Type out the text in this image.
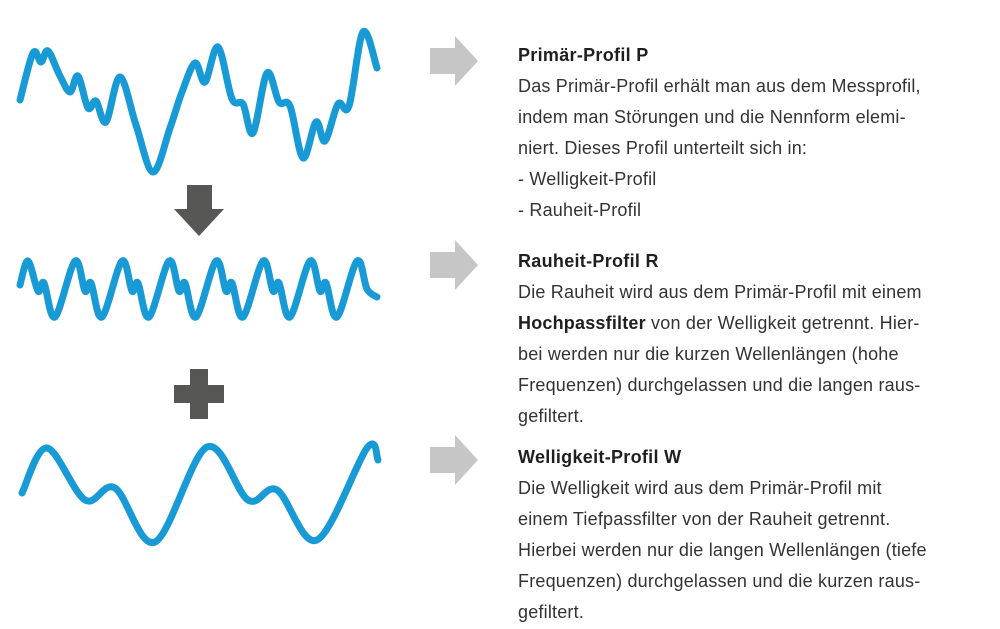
Primär-Profil P

Das Primär-Profil erhält man aus dem Messprofil,

indem man Störungen und die Nennform elemi-

niert. Dieses Profil unterteilt sich in:

- Welligkeit-Profil

- Rauheit-Profil

Rauheit-Profil R

Die Rauheit wird aus dem Primär-Profil mit einem

Hochpassfilter von der Welligkeit getrennt. Hier-

bei werden nur die kurzen Wellenlängen (hohe

Frequenzen) durchgelassen und die langen raus-

gefiltert.

Welligkeit-Profil W

Die Welligkeit wird aus dem Primär-Profil mit

einem Tiefpassfilter von der Rauheit getrennt.

Hierbei werden nur die langen Wellenlängen (tiefe

Frequenzen) durchgelassen und die kurzen raus-

gefiltert.
